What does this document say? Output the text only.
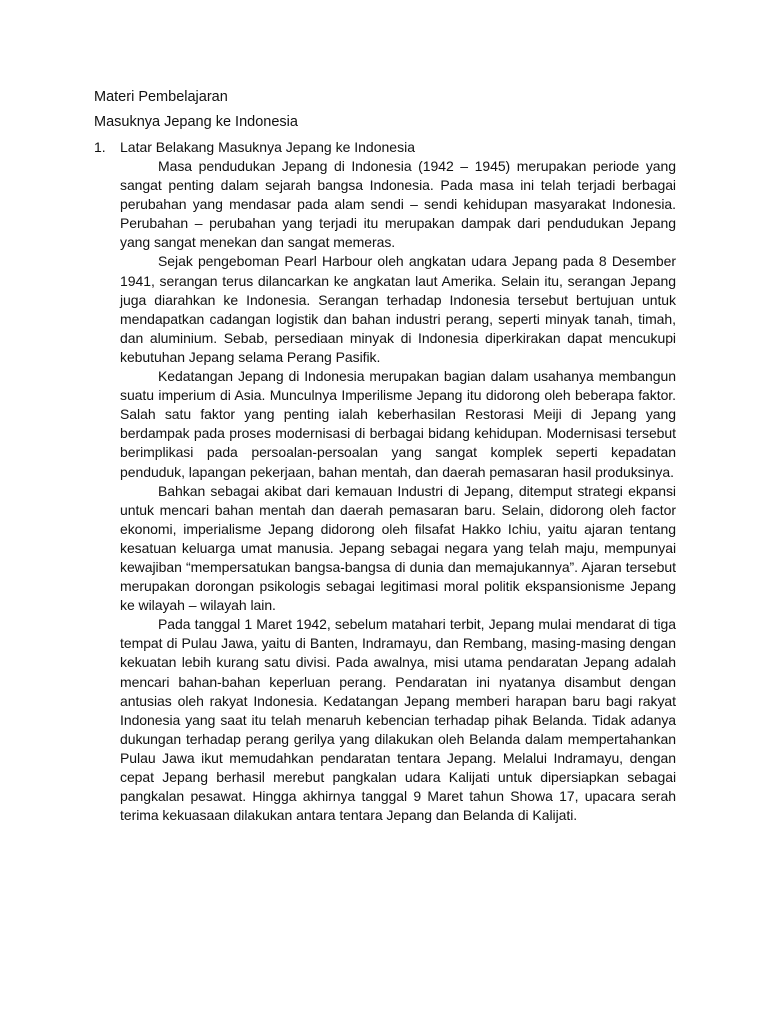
Materi Pembelajaran
Masuknya Jepang ke Indonesia
1.	Latar Belakang Masuknya Jepang ke Indonesia

Masa pendudukan Jepang di Indonesia (1942 – 1945) merupakan periode yang sangat penting dalam sejarah bangsa Indonesia. Pada masa ini telah terjadi berbagai perubahan yang mendasar pada alam sendi – sendi kehidupan masyarakat Indonesia. Perubahan – perubahan yang terjadi itu merupakan dampak dari pendudukan Jepang yang sangat menekan dan sangat memeras.

Sejak pengeboman Pearl Harbour oleh angkatan udara Jepang pada 8 Desember 1941, serangan terus dilancarkan ke angkatan laut Amerika. Selain itu, serangan Jepang juga diarahkan ke Indonesia. Serangan terhadap Indonesia tersebut bertujuan untuk mendapatkan cadangan logistik dan bahan industri perang, seperti minyak tanah, timah, dan aluminium. Sebab, persediaan minyak di Indonesia diperkirakan dapat mencukupi kebutuhan Jepang selama Perang Pasifik.

Kedatangan Jepang di Indonesia merupakan bagian dalam usahanya membangun suatu imperium di Asia. Munculnya Imperilisme Jepang itu didorong oleh beberapa faktor. Salah satu faktor yang penting ialah keberhasilan Restorasi Meiji di Jepang yang berdampak pada proses modernisasi di berbagai bidang kehidupan. Modernisasi tersebut berimplikasi pada persoalan-persoalan yang sangat komplek seperti kepadatan penduduk, lapangan pekerjaan, bahan mentah, dan daerah pemasaran hasil produksinya.

Bahkan sebagai akibat dari kemauan Industri di Jepang, ditemput strategi ekpansi untuk mencari bahan mentah dan daerah pemasaran baru. Selain, didorong oleh factor ekonomi, imperialisme Jepang didorong oleh filsafat Hakko Ichiu, yaitu ajaran tentang kesatuan keluarga umat manusia. Jepang sebagai negara yang telah maju, mempunyai kewajiban “mempersatukan bangsa-bangsa di dunia dan memajukannya”. Ajaran tersebut merupakan dorongan psikologis sebagai legitimasi moral politik ekspansionisme Jepang ke wilayah – wilayah lain.

Pada tanggal 1 Maret 1942, sebelum matahari terbit, Jepang mulai mendarat di tiga tempat di Pulau Jawa, yaitu di Banten, Indramayu, dan Rembang, masing-masing dengan kekuatan lebih kurang satu divisi. Pada awalnya, misi utama pendaratan Jepang adalah mencari bahan-bahan keperluan perang. Pendaratan ini nyatanya disambut dengan antusias oleh rakyat Indonesia. Kedatangan Jepang memberi harapan baru bagi rakyat Indonesia yang saat itu telah menaruh kebencian terhadap pihak Belanda. Tidak adanya dukungan terhadap perang gerilya yang dilakukan oleh Belanda dalam mempertahankan Pulau Jawa ikut memudahkan pendaratan tentara Jepang. Melalui Indramayu, dengan cepat Jepang berhasil merebut pangkalan udara Kalijati untuk dipersiapkan sebagai pangkalan pesawat. Hingga akhirnya tanggal 9 Maret tahun Showa 17, upacara serah terima kekuasaan dilakukan antara tentara Jepang dan Belanda di Kalijati.
